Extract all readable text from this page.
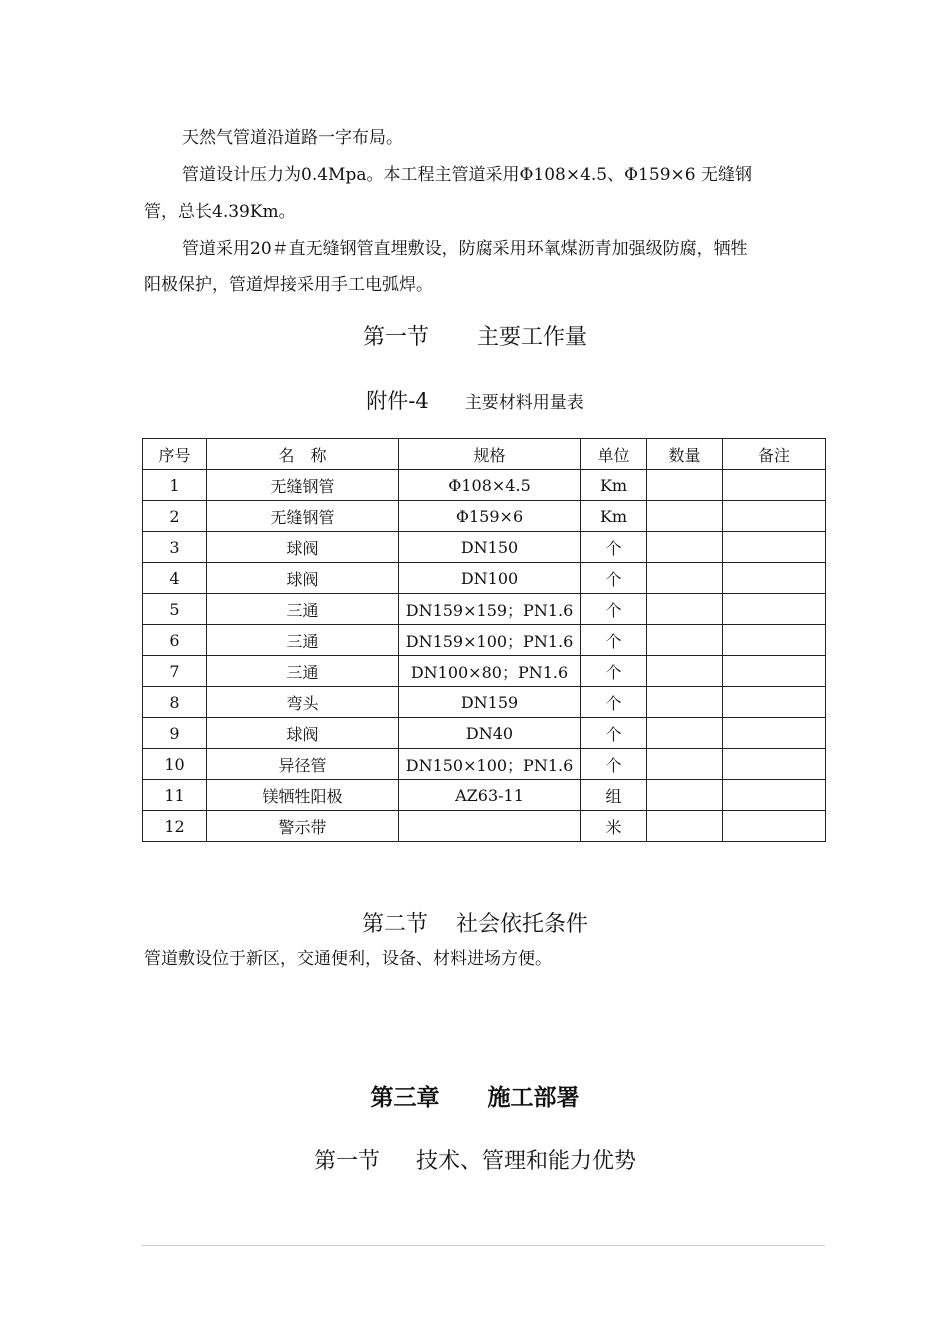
天然气管道沿道路一字布局。
管道设计压力为0.4Mpa。本工程主管道采用Φ108×4.5、Φ159×6 无缝钢
管，总长4.39Km。
管道采用20＃直无缝钢管直埋敷设，防腐采用环氧煤沥青加强级防腐，牺牲
阳极保护，管道焊接采用手工电弧焊。
第一节 主要工作量
附件-4 主要材料用量表
序号	名　称	规格	单位	数量	备注
1	无缝钢管	Φ108×4.5	Km		
2	无缝钢管	Φ159×6	Km		
3	球阀	DN150	个		
4	球阀	DN100	个		
5	三通	DN159×159；PN1.6	个		
6	三通	DN159×100；PN1.6	个		
7	三通	DN100×80；PN1.6	个		
8	弯头	DN159	个		
9	球阀	DN40	个		
10	异径管	DN150×100；PN1.6	个		
11	镁牺牲阳极	AZ63-11	组		
12	警示带		米		
第二节 社会依托条件
管道敷设位于新区，交通便利，设备、材料进场方便。
第三章 施工部署
第一节 技术、管理和能力优势
